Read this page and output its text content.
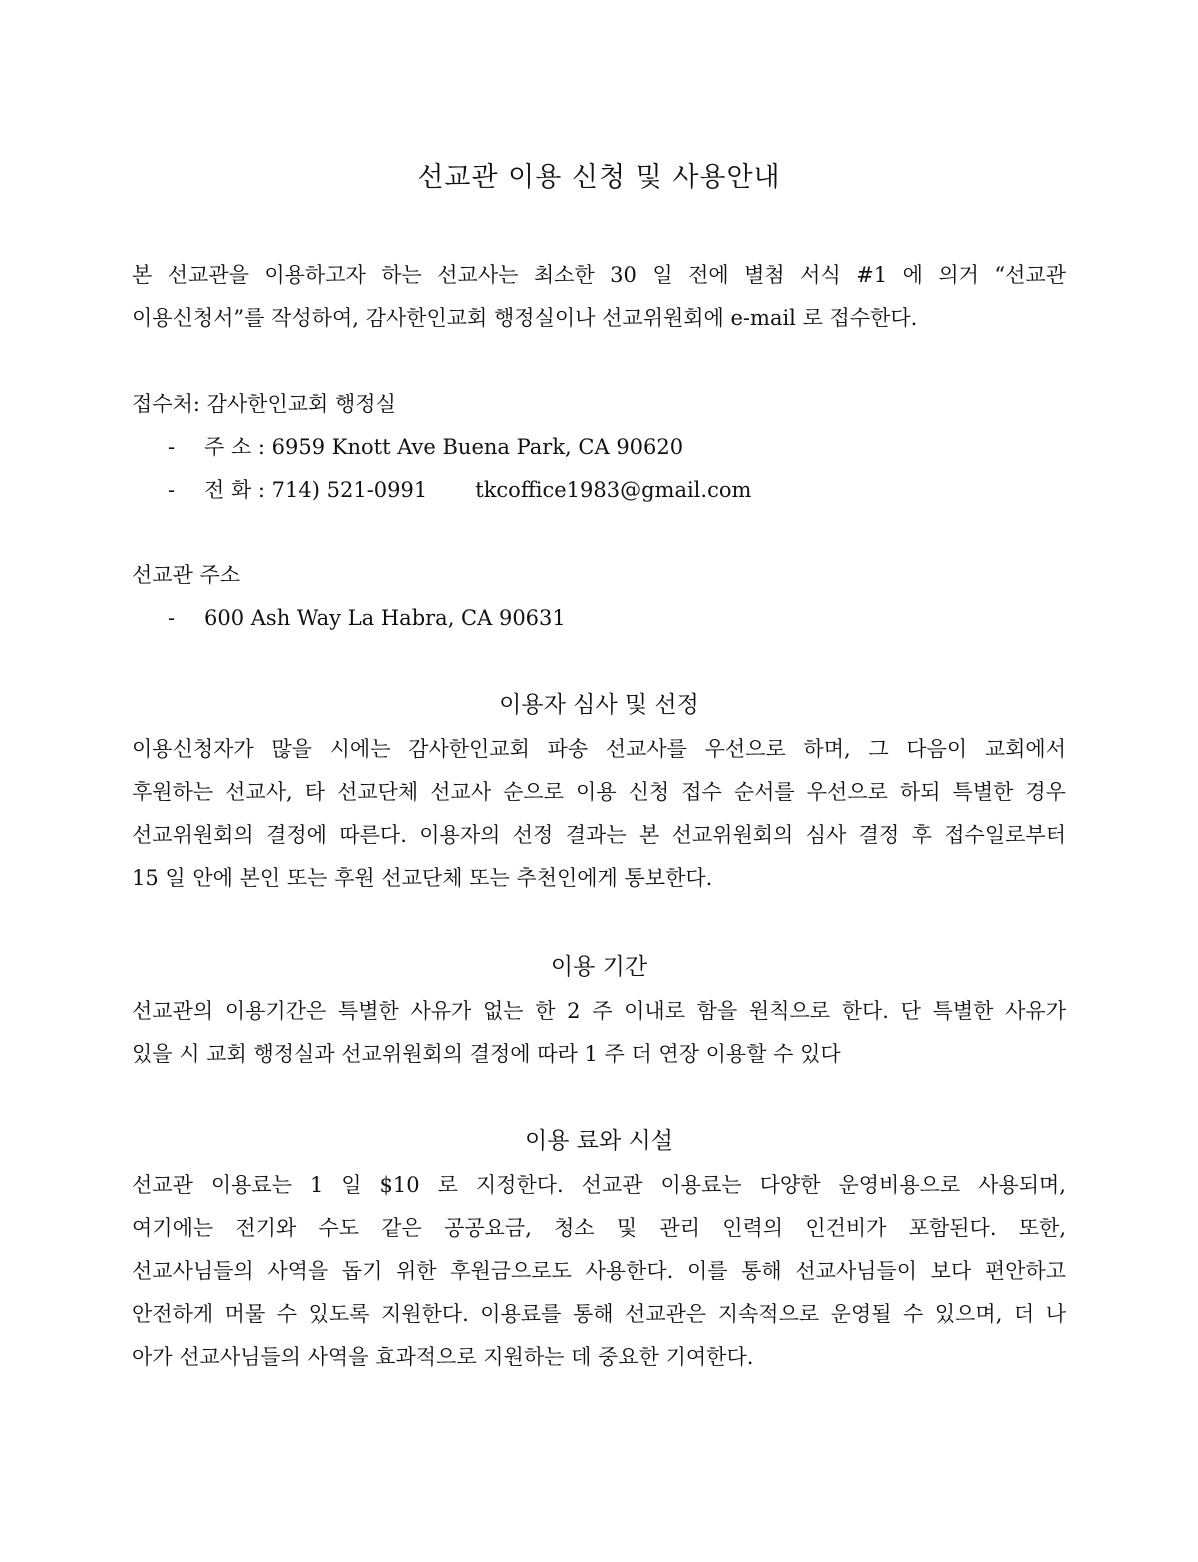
선교관 이용 신청 및 사용안내
본 선교관을 이용하고자 하는 선교사는 최소한 30 일 전에 별첨 서식 #1 에 의거 “선교관
이용신청서”를 작성하여, 감사한인교회 행정실이나 선교위원회에 e-mail 로 접수한다.
접수처: 감사한인교회 행정실
- 주 소 : 6959 Knott Ave Buena Park, CA 90620
- 전 화 : 714) 521-0991 tkcoffice1983@gmail.com
선교관 주소
- 600 Ash Way La Habra, CA 90631
이용자 심사 및 선정
이용신청자가 많을 시에는 감사한인교회 파송 선교사를 우선으로 하며, 그 다음이 교회에서
후원하는 선교사, 타 선교단체 선교사 순으로 이용 신청 접수 순서를 우선으로 하되 특별한 경우
선교위원회의 결정에 따른다. 이용자의 선정 결과는 본 선교위원회의 심사 결정 후 접수일로부터
15 일 안에 본인 또는 후원 선교단체 또는 추천인에게 통보한다.
이용 기간
선교관의 이용기간은 특별한 사유가 없는 한 2 주 이내로 함을 원칙으로 한다. 단 특별한 사유가
있을 시 교회 행정실과 선교위원회의 결정에 따라 1 주 더 연장 이용할 수 있다
이용 료와 시설
선교관 이용료는 1 일 $10 로 지정한다. 선교관 이용료는 다양한 운영비용으로 사용되며,
여기에는 전기와 수도 같은 공공요금, 청소 및 관리 인력의 인건비가 포함된다. 또한,
선교사님들의 사역을 돕기 위한 후원금으로도 사용한다. 이를 통해 선교사님들이 보다 편안하고
안전하게 머물 수 있도록 지원한다. 이용료를 통해 선교관은 지속적으로 운영될 수 있으며, 더 나
아가 선교사님들의 사역을 효과적으로 지원하는 데 중요한 기여한다.
